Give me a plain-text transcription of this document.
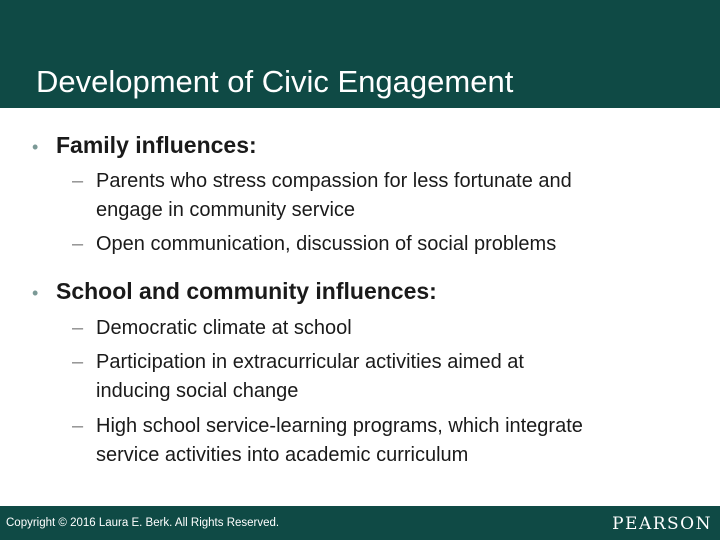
Development of Civic Engagement
• Family influences:
– Parents who stress compassion for less fortunate and
engage in community service
– Open communication, discussion of social problems
• School and community influences:
– Democratic climate at school
– Participation in extracurricular activities aimed at
inducing social change
– High school service-learning programs, which integrate
service activities into academic curriculum
Copyright © 2016 Laura E. Berk. All Rights Reserved.	PEARSON
